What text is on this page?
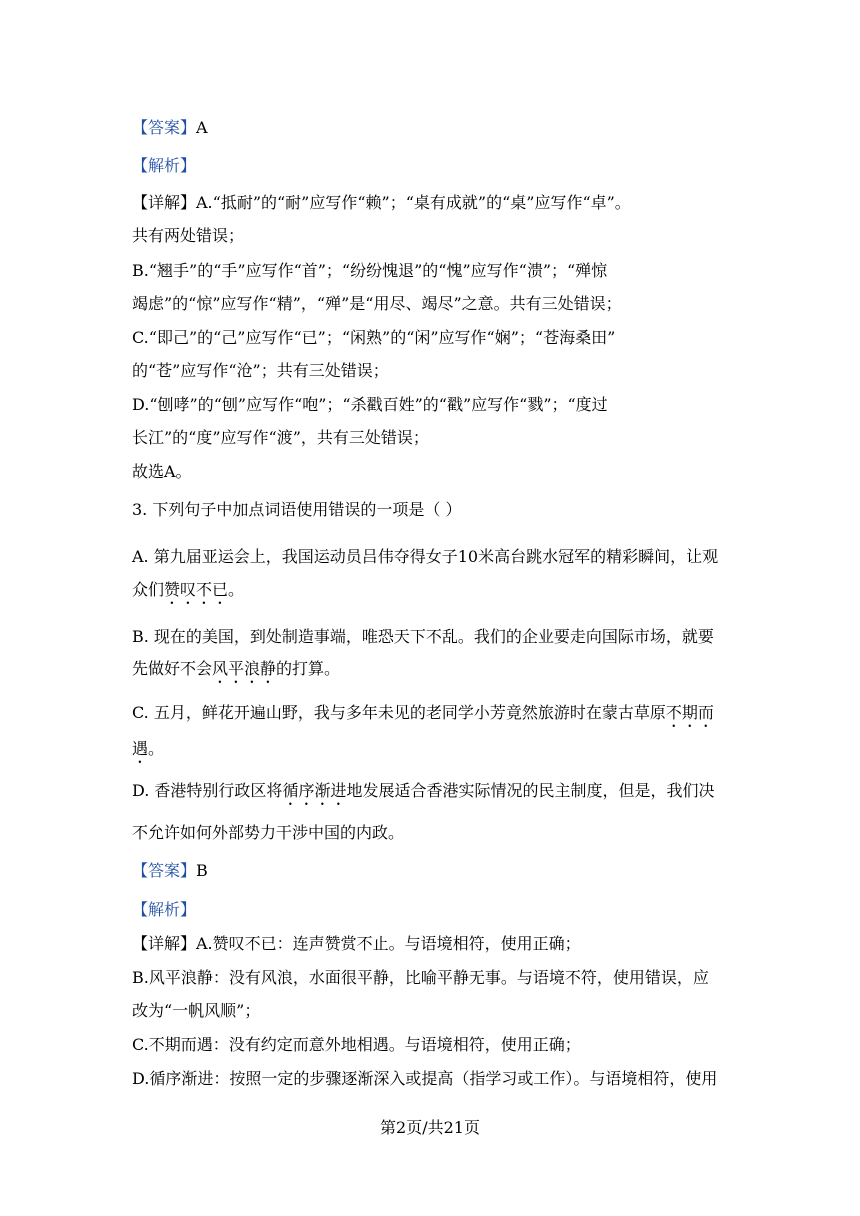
【答案】A
【解析】
【详解】A.“抵耐”的“耐”应写作“赖”；“桌有成就”的“桌”应写作“卓”。
共有两处错误；
B.“翘手”的“手”应写作“首”；“纷纷愧退”的“愧”应写作“溃”；“殚惊
竭虑”的“惊”应写作“精”，“殚”是“用尽、竭尽”之意。共有三处错误；
C.“即己”的“己”应写作“已”；“闲熟”的“闲”应写作“娴”；“苍海桑田”
的“苍”应写作“沧”；共有三处错误；
D.“刨哮”的“刨”应写作“咆”；“杀戳百姓”的“戳”应写作“戮”；“度过
长江”的“度”应写作“渡”，共有三处错误；
故选A。
3. 下列句子中加点词语使用错误的一项是（ ）
A. 第九届亚运会上，我国运动员吕伟夺得女子10米高台跳水冠军的精彩瞬间，让观
众们赞叹不已。
B. 现在的美国，到处制造事端，唯恐天下不乱。我们的企业要走向国际市场，就要
先做好不会风平浪静的打算。
C. 五月，鲜花开遍山野，我与多年未见的老同学小芳竟然旅游时在蒙古草原不期而
遇。
D. 香港特别行政区将循序渐进地发展适合香港实际情况的民主制度，但是，我们决
不允许如何外部势力干涉中国的内政。
【答案】B
【解析】
【详解】A.赞叹不已：连声赞赏不止。与语境相符，使用正确；
B.风平浪静：没有风浪，水面很平静，比喻平静无事。与语境不符，使用错误，应
改为“一帆风顺”；
C.不期而遇：没有约定而意外地相遇。与语境相符，使用正确；
D.循序渐进：按照一定的步骤逐渐深入或提高（指学习或工作）。与语境相符，使用
第2页/共21页
